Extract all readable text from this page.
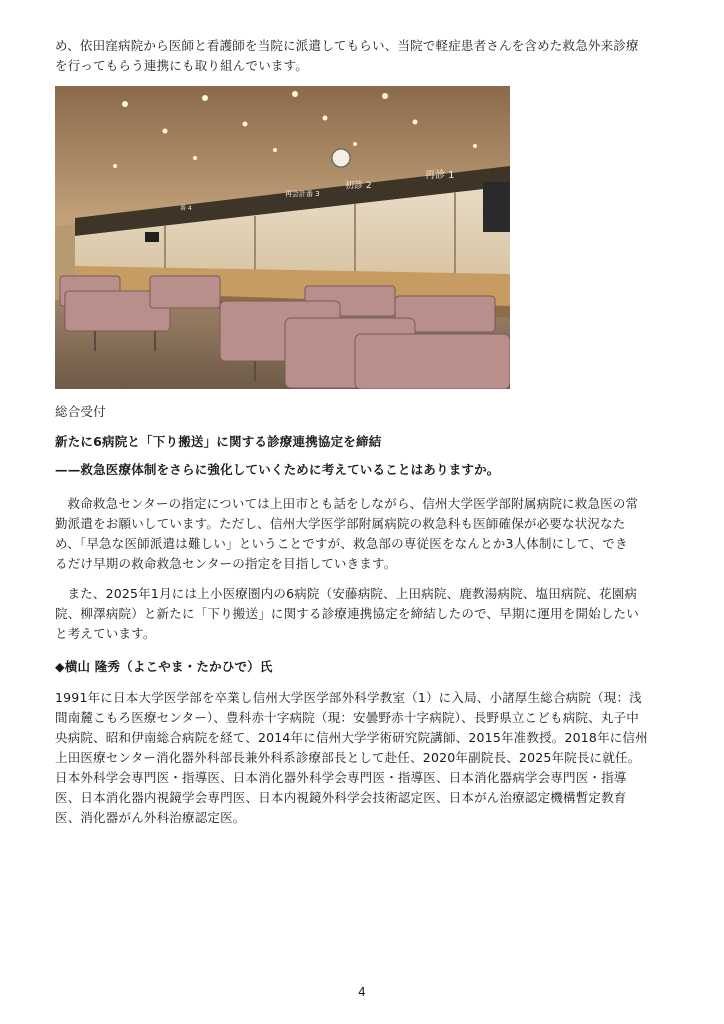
め、依田窪病院から医師と看護師を当院に派遣してもらい、当院で軽症患者さんを含めた救急外来診療
を行ってもらう連携にも取り組んでいます。

再診 1
初診 2
再会計番 3
番 4
総合受付
新たに6病院と「下り搬送」に関する診療連携協定を締結
——救急医療体制をさらに強化していくために考えていることはありますか。

救命救急センターの指定については上田市とも話をしながら、信州大学医学部附属病院に救急医の常
勤派遣をお願いしています。ただし、信州大学医学部附属病院の救急科も医師確保が必要な状況なた
め、「早急な医師派遣は難しい」ということですが、救急部の専従医をなんとか3人体制にして、でき
るだけ早期の救命救急センターの指定を目指していきます。

また、2025年1月には上小医療圏内の6病院（安藤病院、上田病院、鹿教湯病院、塩田病院、花園病
院、柳澤病院）と新たに「下り搬送」に関する診療連携協定を締結したので、早期に運用を開始したい
と考えています。

◆横山 隆秀（よこやま・たかひで）氏

1991年に日本大学医学部を卒業し信州大学医学部外科学教室（1）に入局、小諸厚生総合病院（現：浅
間南麓こもろ医療センター）、豊科赤十字病院（現：安曇野赤十字病院）、長野県立こども病院、丸子中
央病院、昭和伊南総合病院を経て、2014年に信州大学学術研究院講師、2015年准教授。2018年に信州
上田医療センター消化器外科部長兼外科系診療部長として赴任、2020年副院長、2025年院長に就任。
日本外科学会専門医・指導医、日本消化器外科学会専門医・指導医、日本消化器病学会専門医・指導
医、日本消化器内視鏡学会専門医、日本内視鏡外科学会技術認定医、日本がん治療認定機構暫定教育
医、消化器がん外科治療認定医。

4
